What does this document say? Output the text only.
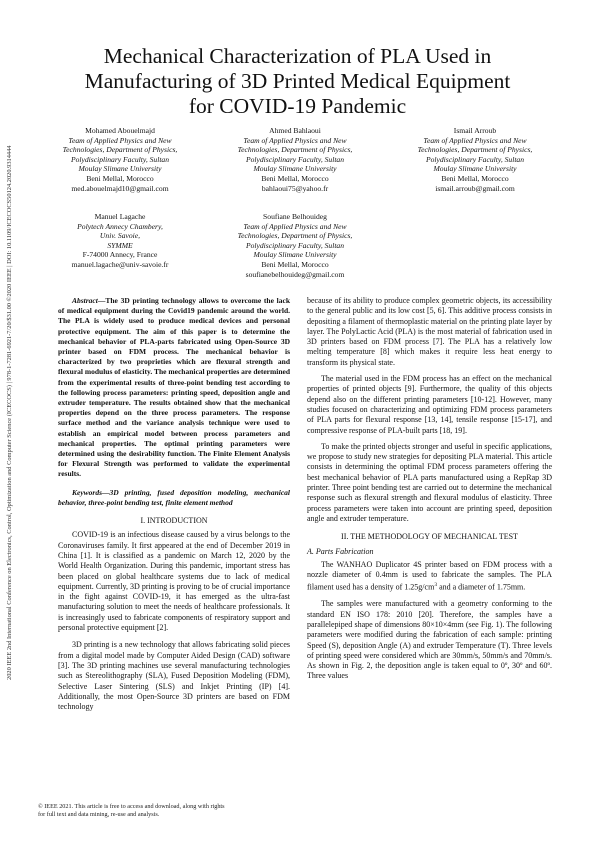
2020 IEEE 2nd International Conference on Electronics, Control, Optimization and Computer Science (ICECOCS) | 978-1-7281-6921-7/20/$31.00 ©2020 IEEE | DOI: 10.1109/ICECOCS50124.2020.9314444
Mechanical Characterization of PLA Used in
Manufacturing of 3D Printed Medical Equipment
for COVID-19 Pandemic
Mohamed Abouelmajd
Team of Applied Physics and New
Technologies, Department of Physics,
Polydisciplinary Faculty, Sultan
Moulay Slimane University
Beni Mellal, Morocco
med.abouelmajd10@gmail.com
Ahmed Bahlaoui
Team of Applied Physics and New
Technologies, Department of Physics,
Polydisciplinary Faculty, Sultan
Moulay Slimane University
Beni Mellal, Morocco
bahlaoui75@yahoo.fr
Ismail Arroub
Team of Applied Physics and New
Technologies, Department of Physics,
Polydisciplinary Faculty, Sultan
Moulay Slimane University
Beni Mellal, Morocco
ismail.arroub@gmail.com
Manuel Lagache
Polytech Annecy Chambery,
Univ. Savoie,
SYMME
F-74000 Annecy, France
manuel.lagache@univ-savoie.fr
Soufiane Belhouideg
Team of Applied Physics and New
Technologies, Department of Physics,
Polydisciplinary Faculty, Sultan
Moulay Slimane University
Beni Mellal, Morocco
soufianebelhouideg@gmail.com

Abstract—The 3D printing technology allows to overcome the lack of medical equipment during the Covid19 pandemic around the world. The PLA is widely used to produce medical devices and personal protective equipment. The aim of this paper is to determine the mechanical behavior of PLA-parts fabricated using Open-Source 3D printer based on FDM process. The mechanical behavior is characterized by two proprieties which are flexural strength and flexural modulus of elasticity. The mechanical properties are determined from the experimental results of three-point bending test according to the following process parameters: printing speed, deposition angle and extruder temperature. The results obtained show that the mechanical properties depend on the three process parameters. The response surface method and the variance analysis technique were used to establish an empirical model between process parameters and mechanical properties. The optimal printing parameters were determined using the desirability function. The Finite Element Analysis for Flexural Strength was performed to validate the experimental results.

Keywords—3D printing, fused deposition modeling, mechanical behavior, three-point bending test, finite element method

I. INTRODUCTION

COVID-19 is an infectious disease caused by a virus belongs to the Coronaviruses family. It first appeared at the end of December 2019 in China [1]. It is classified as a pandemic on March 12, 2020 by the World Health Organization. During this pandemic, important stress has been placed on global healthcare systems due to lack of medical equipment. Currently, 3D printing is proving to be of crucial importance in the fight against COVID-19, it has emerged as the ultra-fast manufacturing solution to meet the needs of healthcare professionals. It is increasingly used to fabricate components of respiratory support and personal protective equipment [2].

3D printing is a new technology that allows fabricating solid pieces from a digital model made by Computer Aided Design (CAD) software [3]. The 3D printing machines use several manufacturing technologies such as Stereolithography (SLA), Fused Deposition Modeling (FDM), Selective Laser Sintering (SLS) and Inkjet Printing (IP) [4]. Additionally, the most Open-Source 3D printers are based on FDM technology

because of its ability to produce complex geometric objects, its accessibility to the general public and its low cost [5, 6]. This additive process consists in depositing a filament of thermoplastic material on the printing plate layer by layer. The PolyLactic Acid (PLA) is the most material of fabrication used in 3D printers based on FDM process [7]. The PLA has a relatively low melting temperature [8] which makes it require less heat energy to transform its physical state.

The material used in the FDM process has an effect on the mechanical properties of printed objects [9]. Furthermore, the quality of this objects depend also on the different printing parameters [10-12]. However, many studies focused on characterizing and optimizing FDM process parameters of PLA parts for flexural response [13, 14], tensile response [15-17], and compressive response of PLA-built parts [18, 19].

To make the printed objects stronger and useful in specific applications, we propose to study new strategies for depositing PLA material. This article consists in determining the optimal FDM process parameters offering the best mechanical behavior of PLA parts manufactured using a RepRap 3D printer. Three point bending test are carried out to determine the mechanical response such as flexural strength and flexural modulus of elasticity. Three process parameters were taken into account are printing speed, deposition angle and extruder temperature.

II. THE METHODOLOGY OF MECHANICAL TEST

A. Parts Fabrication

The WANHAO Duplicator 4S printer based on FDM process with a nozzle diameter of 0.4mm is used to fabricate the samples. The PLA filament used has a density of $1.25g/cm^3$ and a diameter of 1.75mm.

The samples were manufactured with a geometry conforming to the standard EN ISO 178: 2010 [20]. Therefore, the samples have a parallelepiped shape of dimensions 80×10×4mm (see Fig. 1). The following parameters were modified during the fabrication of each sample: printing Speed (S), deposition Angle (A) and extruder Temperature (T). Three levels of printing speed were considered which are 30mm/s, 50mm/s and 70mm/s. As shown in Fig. 2, the deposition angle is taken equal to 0º, 30º and 60º. Three values

© IEEE 2021. This article is free to access and download, along with rights
for full text and data mining, re-use and analysis.
